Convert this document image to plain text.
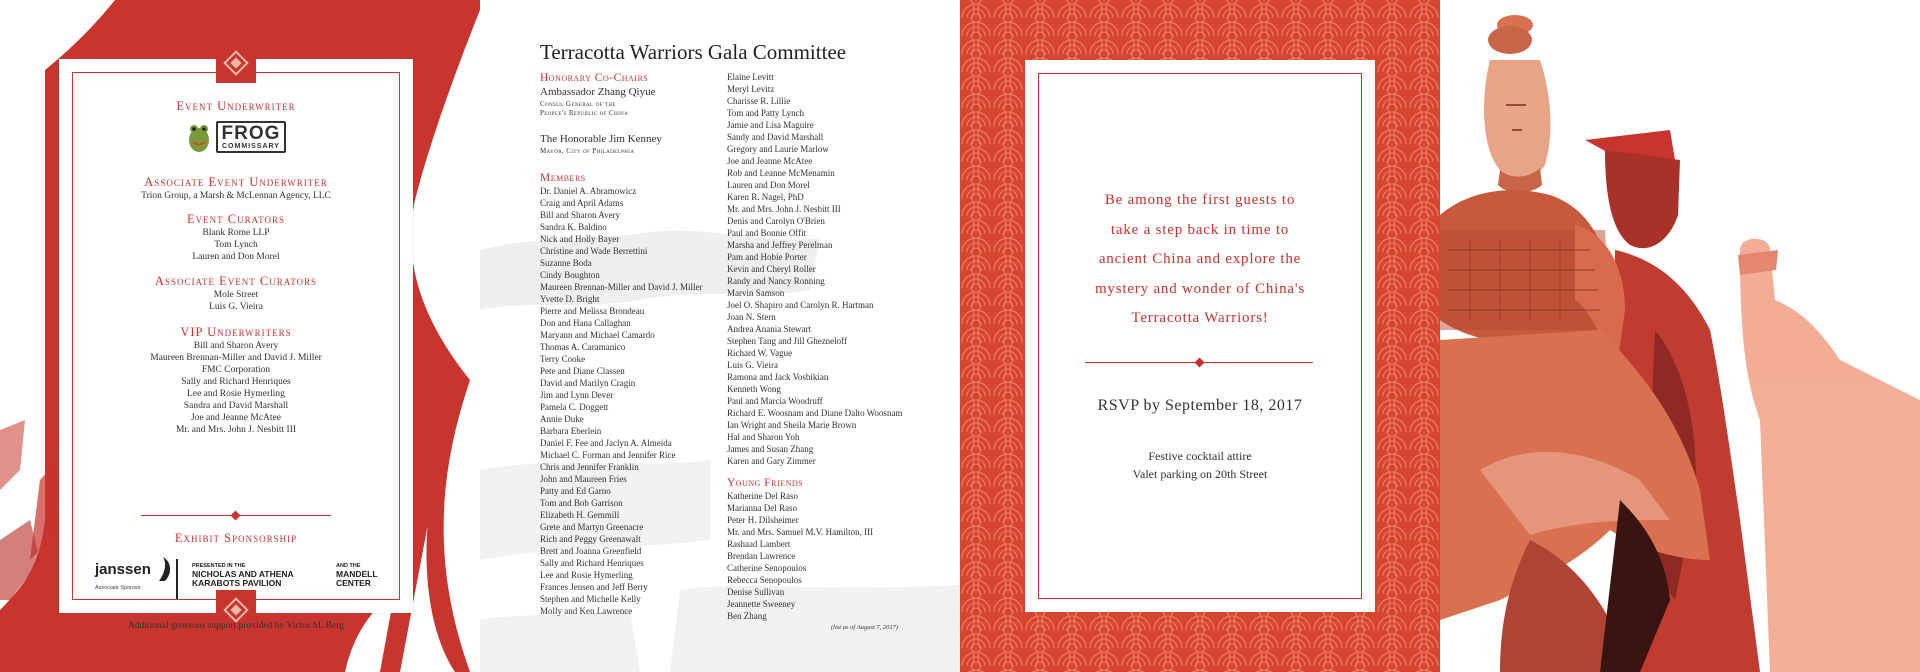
Event Underwriter
FROG
COMMISSARY
Associate Event Underwriter
Trion Group, a Marsh & McLennan Agency, LLC
Event Curators
Blank Rome LLP
Tom Lynch
Lauren and Don Morel
Associate Event Curators
Mole Street
Luis G. Vieira
VIP Underwriters
Bill and Sharon Avery
Maureen Brennan-Miller and David J. Miller
FMC Corporation
Sally and Richard Henriques
Lee and Rosie Hymerling
Sandra and David Marshall
Joe and Jeanne McAtee
Mr. and Mrs. John J. Nesbitt III
Exhibit Sponsorship
janssen
Associate Sponsor
PRESENTED IN THE
NICHOLAS AND ATHENA
KARABOTS PAVILION
AND THE
MANDELL
CENTER
Additional generous support provided by Victor M. Berg
Terracotta Warriors Gala Committee
Honorary Co-Chairs
Ambassador Zhang Qiyue
Consul General of the
People's Republic of China
The Honorable Jim Kenney
Mayor, City of Philadelphia
Members
Dr. Daniel A. Abramowicz
Craig and April Adams
Bill and Sharon Avery
Sandra K. Baldino
Nick and Holly Bayer
Christine and Wade Berrettini
Suzanne Boda
Cindy Boughton
Maureen Brennan-Miller and David J. Miller
Yvette D. Bright
Pierre and Melissa Brondeau
Don and Hana Callaghan
Maryann and Michael Camardo
Thomas A. Caramanico
Terry Cooke
Pete and Diane Classen
David and Marilyn Cragin
Jim and Lynn Dever
Pamela C. Doggett
Annie Duke
Barbara Eberlein
Daniel F. Fee and Jaclyn A. Almeida
Michael C. Forman and Jennifer Rice
Chris and Jennifer Franklin
John and Maureen Fries
Patty and Ed Garno
Tom and Bob Garrison
Elizabeth H. Gemmill
Grete and Martyn Greenacre
Rich and Peggy Greenawalt
Brett and Joanna Greenfield
Sally and Richard Henriques
Lee and Rosie Hymerling
Frances Jensen and Jeff Berry
Stephen and Michelle Kelly
Molly and Ken Lawrence
Elaine Levitt
Meryl Levitz
Charisse R. Lillie
Tom and Patty Lynch
Jamie and Lisa Maguire
Sandy and David Marshall
Gregory and Laurie Marlow
Joe and Jeanne McAtee
Rob and Leanne McMenamin
Lauren and Don Morel
Karen R. Nagel, PhD
Mr. and Mrs. John J. Nesbitt III
Denis and Carolyn O'Brien
Paul and Bonnie Offit
Marsha and Jeffrey Perelman
Pam and Hobie Porter
Kevin and Cheryl Roller
Randy and Nancy Ronning
Marvin Samson
Joel O. Shapiro and Carolyn R. Hartman
Joan N. Stern
Andrea Anania Stewart
Stephen Tang and Jill Ghezneloff
Richard W. Vague
Luis G. Vieira
Ramona and Jack Vosbikian
Kenneth Wong
Paul and Marcia Woodruff
Richard E. Woosnam and Diane Dalto Woosnam
Ian Wright and Sheila Marie Brown
Hal and Sharon Yoh
James and Susan Zhang
Karen and Gary Zimmer
Young Friends
Katherine Del Raso
Marianna Del Raso
Peter H. Dilsheimer
Mr. and Mrs. Samuel M.V. Hamilton, III
Rashaad Lambert
Brendan Lawrence
Catherine Senopoulos
Rebecca Senopoulos
Denise Sullivan
Jeannette Sweeney
Ben Zhang
(list as of August 7, 2017)
Be among the first guests to
take a step back in time to
ancient China and explore the
mystery and wonder of China's
Terracotta Warriors!
RSVP by September 18, 2017
Festive cocktail attire
Valet parking on 20th Street
